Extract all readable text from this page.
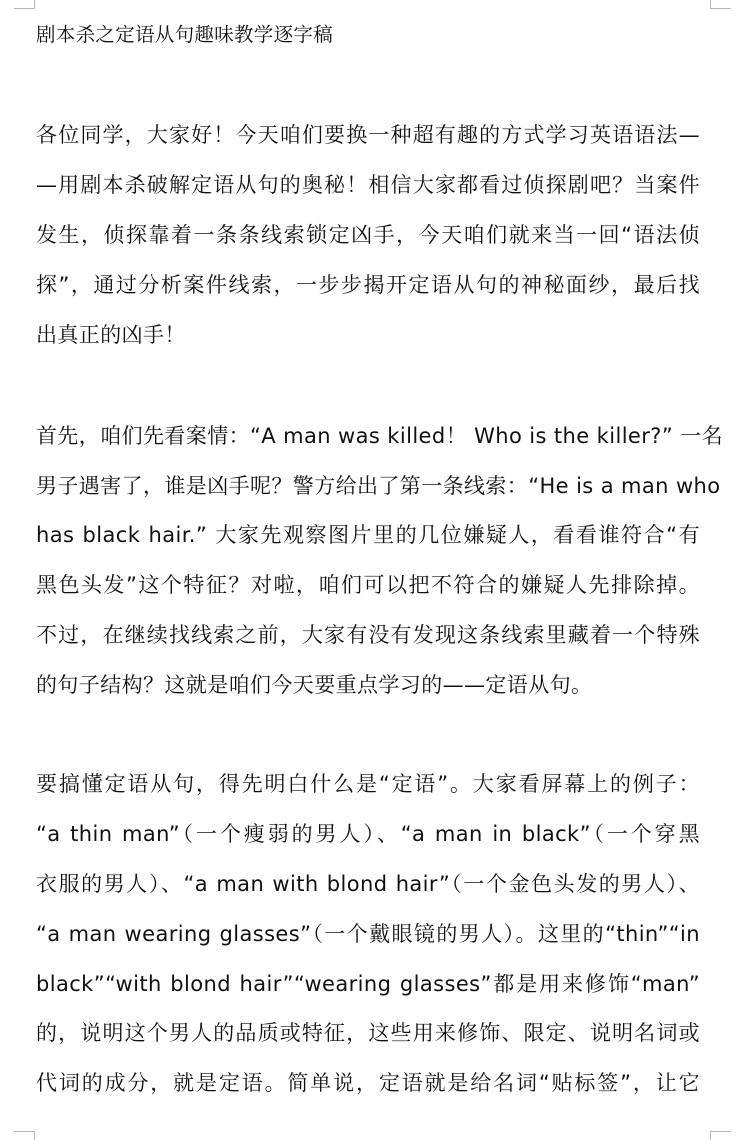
剧本杀之定语从句趣味教学逐字稿
各位同学，大家好！今天咱们要换一种超有趣的方式学习英语语法—
—用剧本杀破解定语从句的奥秘！相信大家都看过侦探剧吧？当案件
发生，侦探靠着一条条线索锁定凶手，今天咱们就来当一回“语法侦
探”，通过分析案件线索，一步步揭开定语从句的神秘面纱，最后找
出真正的凶手！
首先，咱们先看案情：“A man was killed！ Who is the killer?” 一名
男子遇害了，谁是凶手呢？警方给出了第一条线索：“He is a man who
has black hair.” 大家先观察图片里的几位嫌疑人，看看谁符合“有
黑色头发”这个特征？对啦，咱们可以把不符合的嫌疑人先排除掉。
不过，在继续找线索之前，大家有没有发现这条线索里藏着一个特殊
的句子结构？这就是咱们今天要重点学习的——定语从句。
要搞懂定语从句，得先明白什么是“定语”。大家看屏幕上的例子：
“a thin man”（一个瘦弱的男人）、“a man in black”（一个穿黑
衣服的男人）、“a man with blond hair”（一个金色头发的男人）、
“a man wearing glasses”（一个戴眼镜的男人）。这里的“thin”“in
black”“with blond hair”“wearing glasses”都是用来修饰“man”
的，说明这个男人的品质或特征，这些用来修饰、限定、说明名词或
代词的成分，就是定语。简单说，定语就是给名词“贴标签”，让它
